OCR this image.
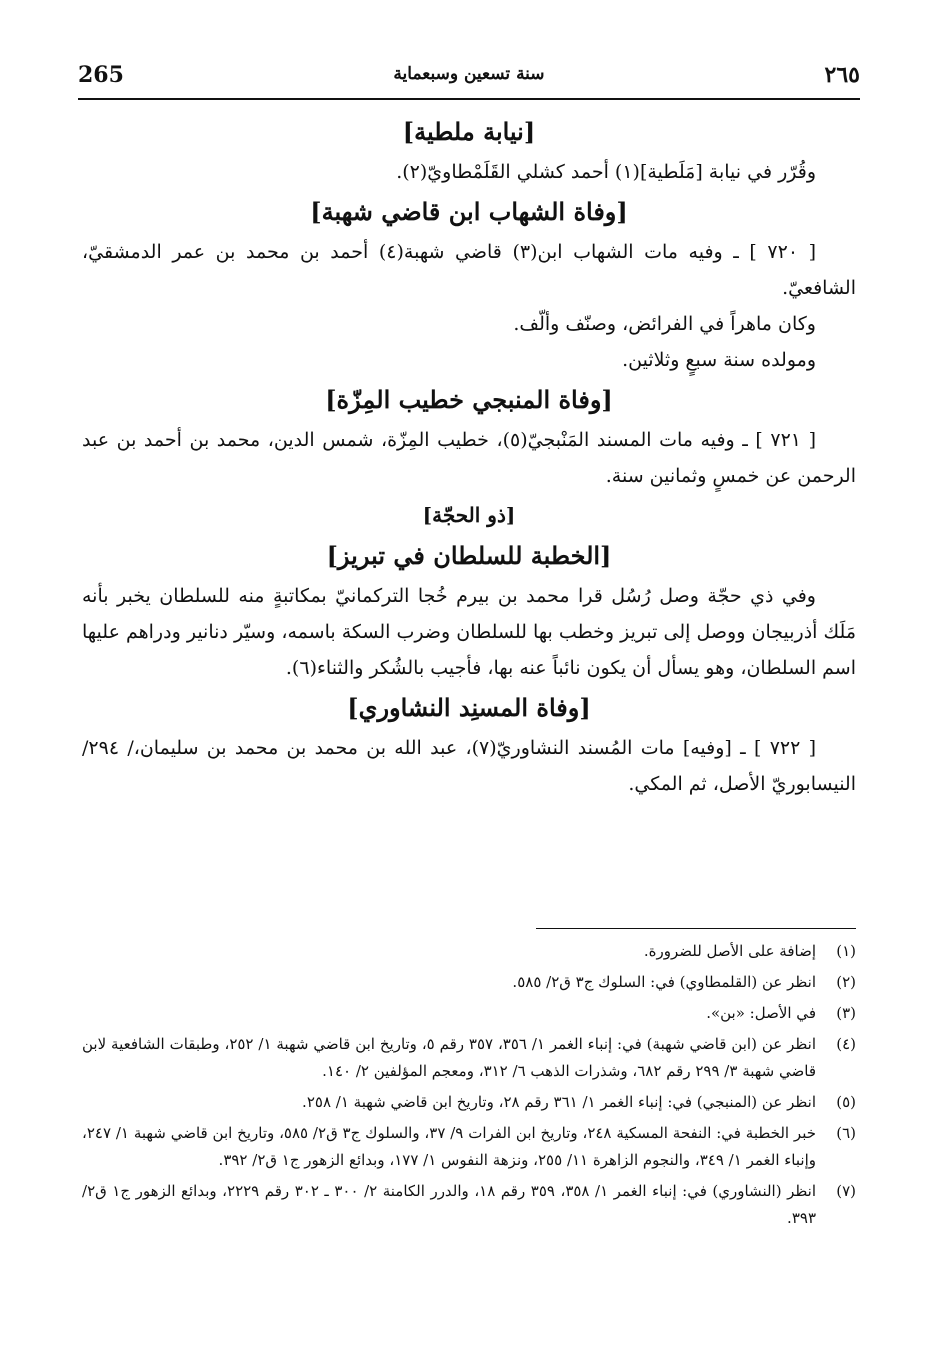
265	سنة تسعين وسبعماية	٢٦٥
[نيابة ملطية]

وقُرّر في نيابة [مَلَطية](١) أحمد كشلي القَلَمْطاويّ(٢).

[وفاة الشهاب ابن قاضي شهبة]

[ ٧٢٠ ] ـ وفيه مات الشهاب ابن(٣) قاضي شهبة(٤) أحمد بن محمد بن عمر الدمشقيّ، الشافعيّ.

وكان ماهراً في الفرائض، وصنّف وألّف.

ومولده سنة سبعٍ وثلاثين.

[وفاة المنبجي خطيب المِزّة]

[ ٧٢١ ] ـ وفيه مات المسند المَنْبجيّ(٥)، خطيب المِزّة، شمس الدين، محمد بن أحمد بن عبد الرحمن عن خمسٍ وثمانين سنة.

[ذو الحجّة]
[الخطبة للسلطان في تبريز]

وفي ذي حجّة وصل رُسُل قرا محمد بن بيرم خُجا التركمانيّ بمكاتبةٍ منه للسلطان يخبر بأنه مَلَك أذربيجان ووصل إلى تبريز وخطب بها للسلطان وضرب السكة باسمه، وسيّر دنانير ودراهم عليها اسم السلطان، وهو يسأل أن يكون نائباً عنه بها، فأجيب بالشُكر والثناء(٦).

[وفاة المسنِد النشاوري]

[ ٧٢٢ ] ـ [وفيه] مات المُسند النشاوريّ(٧)، عبد الله بن محمد بن محمد بن سليمان،/ ٢٩٤/ النيسابوريّ الأصل، ثم المكي.

(١)
إضافة على الأصل للضرورة.
(٢)
انظر عن (القلمطاوي) في: السلوك ج٣ ق٢/ ٥٨٥.
(٣)
في الأصل: «بن».
(٤)
انظر عن (ابن قاضي شهبة) في: إنباء الغمر ١/ ٣٥٦، ٣٥٧ رقم ٥، وتاريخ ابن قاضي شهبة ١/ ٢٥٢، وطبقات الشافعية لابن قاضي شهبة ٣/ ٢٩٩ رقم ٦٨٢، وشذرات الذهب ٦/ ٣١٢، ومعجم المؤلفين ٢/ ١٤٠.
(٥)
انظر عن (المنبجي) في: إنباء الغمر ١/ ٣٦١ رقم ٢٨، وتاريخ ابن قاضي شهبة ١/ ٢٥٨.
(٦)
خبر الخطبة في: النفحة المسكية ٢٤٨، وتاريخ ابن الفرات ٩/ ٣٧، والسلوك ج٣ ق٢/ ٥٨٥، وتاريخ ابن قاضي شهبة ١/ ٢٤٧، وإنباء الغمر ١/ ٣٤٩، والنجوم الزاهرة ١١/ ٢٥٥، ونزهة النفوس ١/ ١٧٧، وبدائع الزهور ج١ ق٢/ ٣٩٢.
(٧)
انظر (النشاوري) في: إنباء الغمر ١/ ٣٥٨، ٣٥٩ رقم ١٨، والدرر الكامنة ٢/ ٣٠٠ ـ ٣٠٢ رقم ٢٢٢٩، وبدائع الزهور ج١ ق٢/ ٣٩٣.
